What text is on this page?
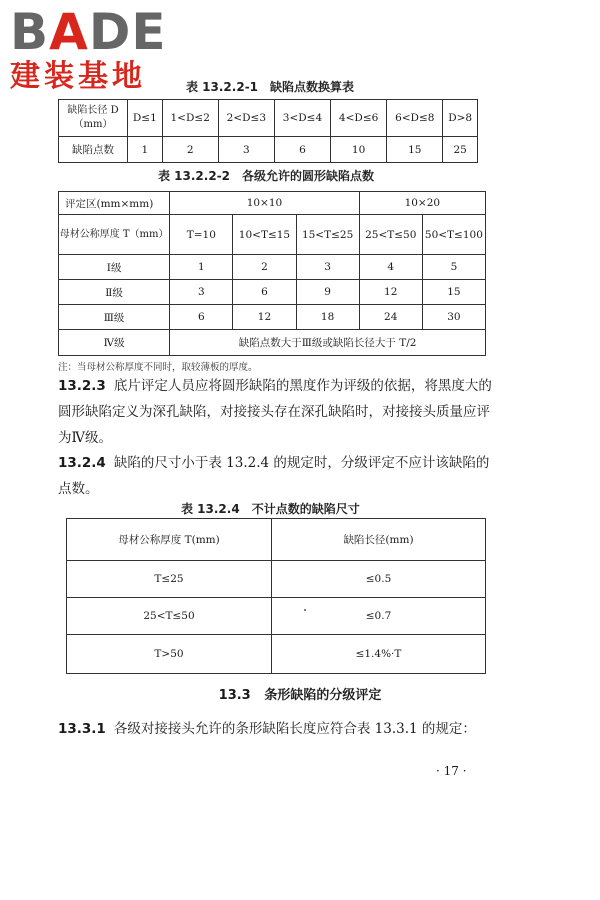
BADE
建装基地	表 13.2.2-1　缺陷点数换算表
缺陷长径 D（mm）	D≤1	1<D≤2	2<D≤3	3<D≤4	4<D≤6	6<D≤8	D>8
缺陷点数	1	2	3	6	10	15	25
表 13.2.2-2　各级允许的圆形缺陷点数
评定区(mm×mm)	10×10			10×20	
母材公称厚度 T（mm）	T=10	10<T≤15	15<T≤25	25<T≤50	50<T≤100
Ⅰ级	1	2	3	4	5
Ⅱ级	3	6	9	12	15
Ⅲ级	6	12	18	24	30
Ⅳ级	缺陷点数大于Ⅲ级或缺陷长径大于 T/2				
注：当母材公称厚度不同时，取较薄板的厚度。
13.2.3 底片评定人员应将圆形缺陷的黑度作为评级的依据，将黑度大的圆形缺陷定义为深孔缺陷，对接接头存在深孔缺陷时，对接接头质量应评为Ⅳ级。
13.2.4 缺陷的尺寸小于表 13.2.4 的规定时，分级评定不应计该缺陷的点数。
表 13.2.4　不计点数的缺陷尺寸
母材公称厚度 T(mm)	缺陷长径(mm)
T≤25	≤0.5
25<T≤50	≤0.7
T>50	≤1.4%·T
13.3 条形缺陷的分级评定
13.3.1 各级对接接头允许的条形缺陷长度应符合表 13.3.1 的规定：
· 17 ·
